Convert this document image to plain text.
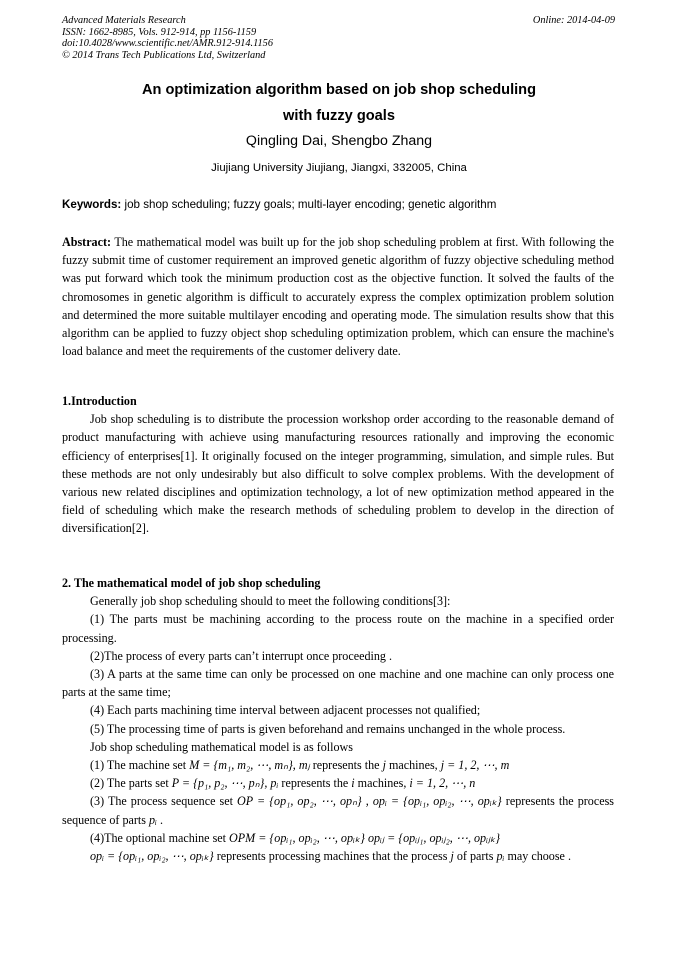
Advanced Materials Research
ISSN: 1662-8985, Vols. 912-914, pp 1156-1159
doi:10.4028/www.scientific.net/AMR.912-914.1156
© 2014 Trans Tech Publications Ltd, Switzerland
Online: 2014-04-09
An optimization algorithm based on job shop scheduling
with fuzzy goals
Qingling Dai, Shengbo Zhang
Jiujiang University Jiujiang, Jiangxi, 332005, China
Keywords: job shop scheduling; fuzzy goals; multi-layer encoding; genetic algorithm

Abstract: The mathematical model was built up for the job shop scheduling problem at first. With following the fuzzy submit time of customer requirement an improved genetic algorithm of fuzzy objective scheduling method was put forward which took the minimum production cost as the objective function. It solved the faults of the chromosomes in genetic algorithm is difficult to accurately express the complex optimization problem solution and determined the more suitable multilayer encoding and operating mode. The simulation results show that this algorithm can be applied to fuzzy object shop scheduling optimization problem, which can ensure the machine's load balance and meet the requirements of the customer delivery date.

1.Introduction

Job shop scheduling is to distribute the procession workshop order according to the reasonable demand of product manufacturing with achieve using manufacturing resources rationally and improving the economic efficiency of enterprises[1]. It originally focused on the integer programming, simulation, and simple rules. But these methods are not only undesirably but also difficult to solve complex problems. With the development of various new related disciplines and optimization technology, a lot of new optimization method appeared in the field of scheduling which make the research methods of scheduling problem to develop in the direction of diversification[2].

2. The mathematical model of job shop scheduling

Generally job shop scheduling should to meet the following conditions[3]:

(1) The parts must be machining according to the process route on the machine in a specified order processing.

(2)The process of every parts can’t interrupt once proceeding .

(3) A parts at the same time can only be processed on one machine and one machine can only process one parts at the same time;

(4) Each parts machining time interval between adjacent processes not qualified;

(5) The processing time of parts is given beforehand and remains unchanged in the whole process.

Job shop scheduling mathematical model is as follows

(1) The machine set M = {m₁, m₂, ⋯, mₙ}, mⱼ represents the j machines, j = 1, 2, ⋯, m

(2) The parts set P = {p₁, p₂, ⋯, pₙ}, pᵢ represents the i machines, i = 1, 2, ⋯, n

(3) The process sequence set OP = {op₁, op₂, ⋯, opₙ} , opᵢ = {opᵢ₁, opᵢ₂, ⋯, opᵢₖ} represents the process sequence of parts pᵢ .

(4)The optional machine set OPM = {opᵢ₁, opᵢ₂, ⋯, opᵢₖ} opᵢⱼ = {opᵢⱼ₁, opᵢⱼ₂, ⋯, opᵢⱼₖ}

opᵢ = {opᵢ₁, opᵢ₂, ⋯, opᵢₖ} represents processing machines that the process j of parts pᵢ may choose .
